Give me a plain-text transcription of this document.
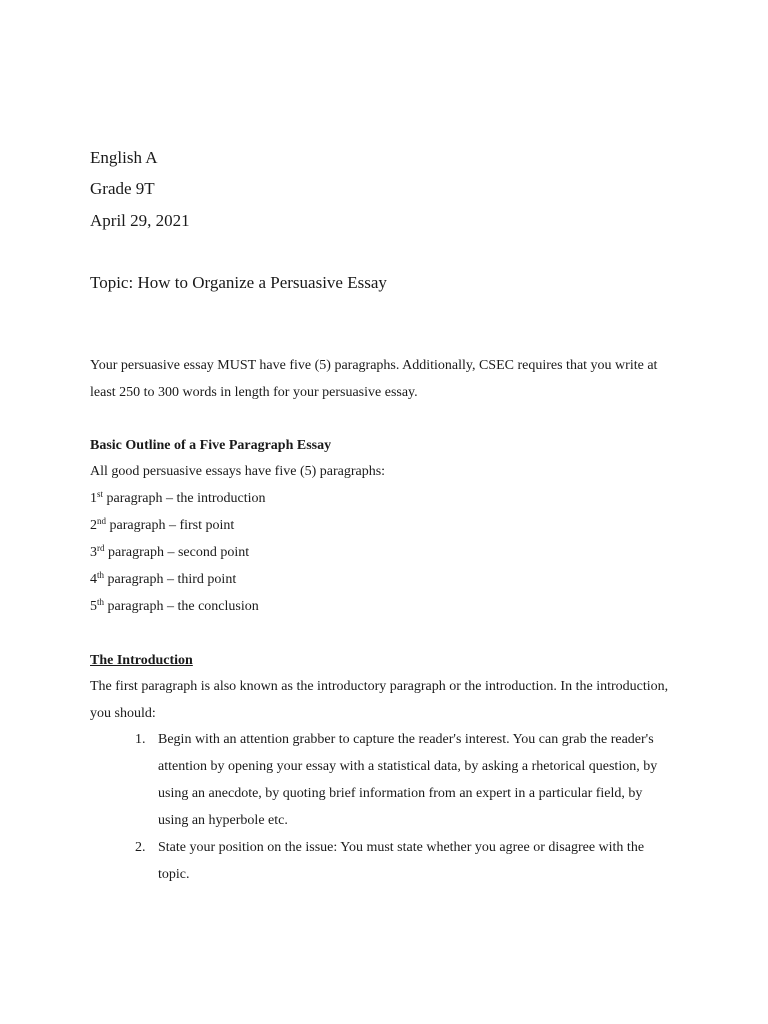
English A
Grade 9T
April 29, 2021
Topic: How to Organize a Persuasive Essay
Your persuasive essay MUST have five (5) paragraphs. Additionally, CSEC requires that you write at least 250 to 300 words in length for your persuasive essay.
Basic Outline of a Five Paragraph Essay
All good persuasive essays have five (5) paragraphs:
1st paragraph – the introduction
2nd paragraph – first point
3rd paragraph – second point
4th paragraph – third point
5th paragraph – the conclusion
The Introduction
The first paragraph is also known as the introductory paragraph or the introduction. In the introduction, you should:
1. Begin with an attention grabber to capture the reader's interest. You can grab the reader's attention by opening your essay with a statistical data, by asking a rhetorical question, by using an anecdote, by quoting brief information from an expert in a particular field, by using an hyperbole etc.
2. State your position on the issue: You must state whether you agree or disagree with the topic.
